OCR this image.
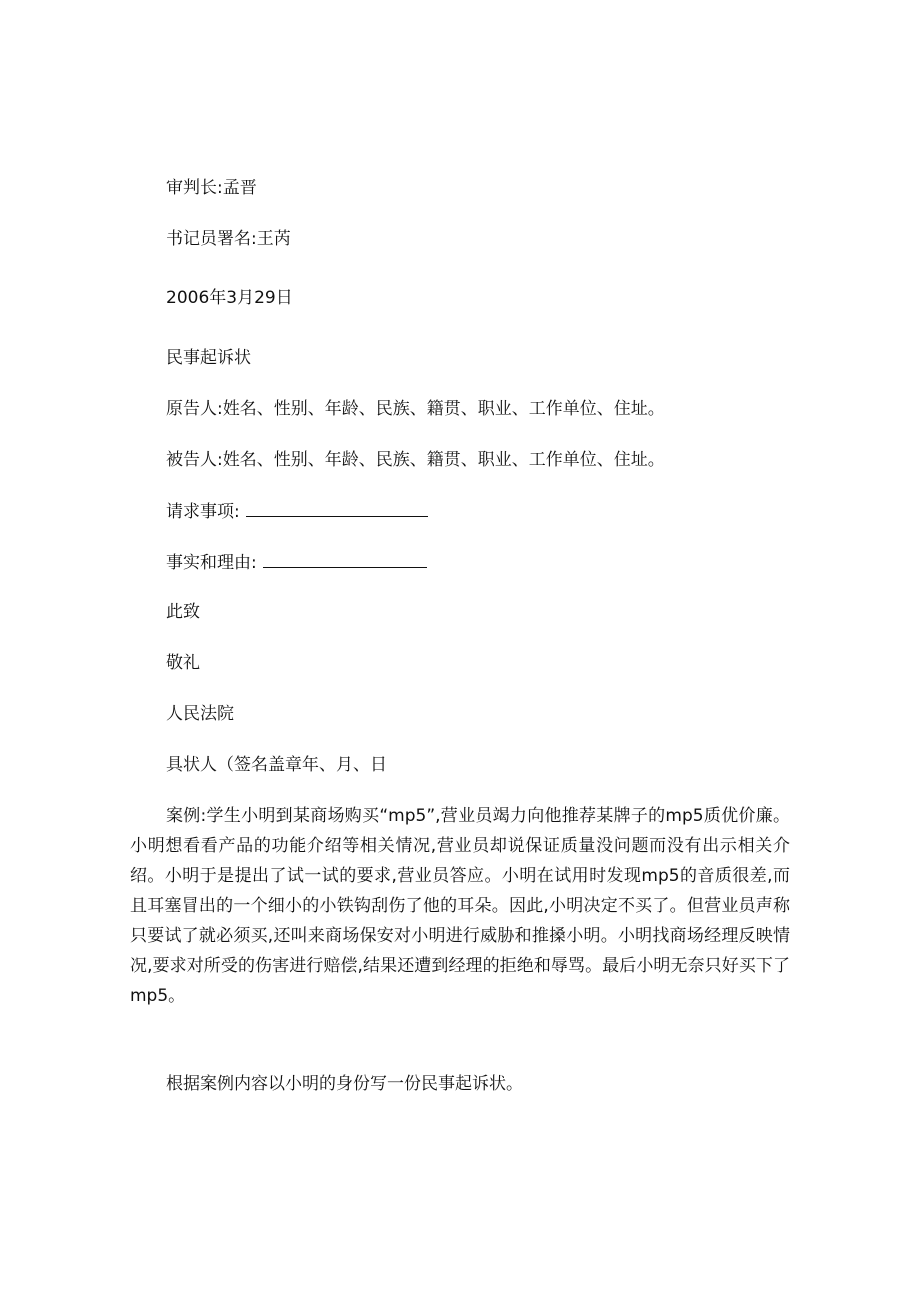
审判长:孟晋
书记员署名:王芮
2006年3月29日
民事起诉状
原告人:姓名、性别、年龄、民族、籍贯、职业、工作单位、住址。
被告人:姓名、性别、年龄、民族、籍贯、职业、工作单位、住址。
请求事项:
事实和理由:
此致
敬礼
人民法院
具状人（签名盖章年、月、日
案例:学生小明到某商场购买“mp5”,营业员竭力向他推荐某牌子的mp5质优价廉。小明想看看产品的功能介绍等相关情况,营业员却说保证质量没问题而没有出示相关介绍。小明于是提出了试一试的要求,营业员答应。小明在试用时发现mp5的音质很差,而且耳塞冒出的一个细小的小铁钩刮伤了他的耳朵。因此,小明决定不买了。但营业员声称只要试了就必须买,还叫来商场保安对小明进行威胁和推搡小明。小明找商场经理反映情况,要求对所受的伤害进行赔偿,结果还遭到经理的拒绝和辱骂。最后小明无奈只好买下了mp5。
根据案例内容以小明的身份写一份民事起诉状。
